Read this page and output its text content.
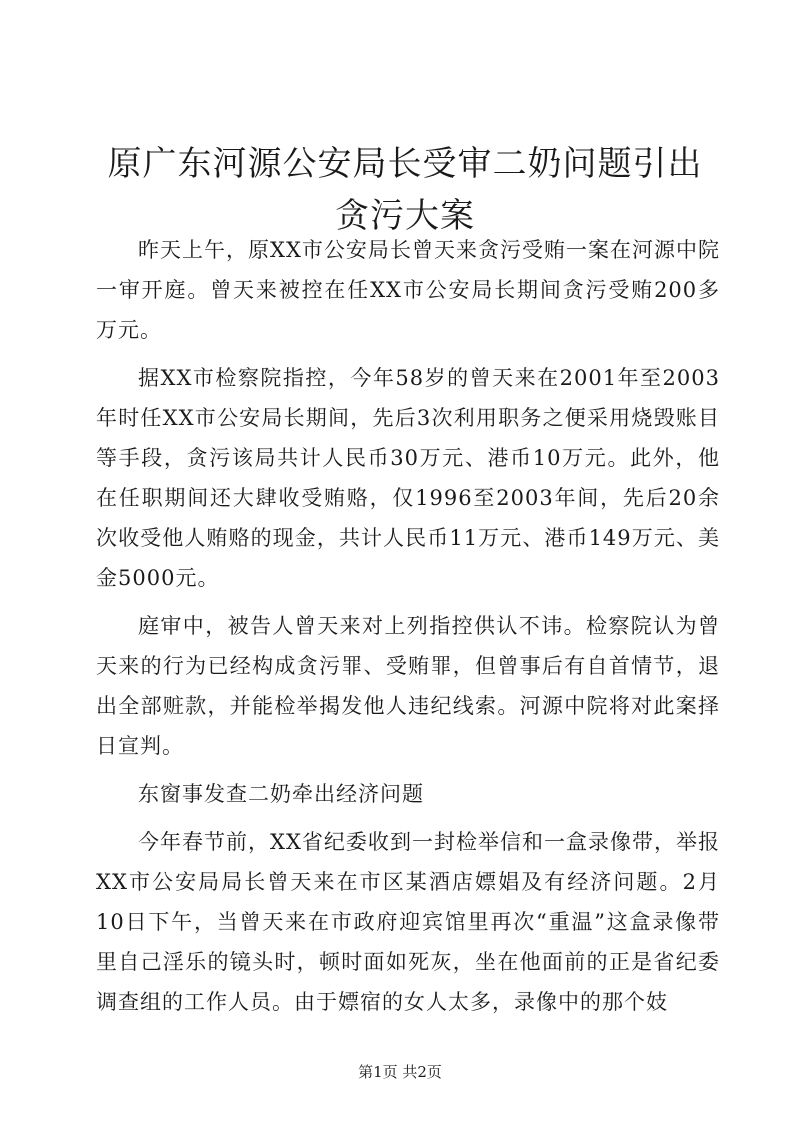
原广东河源公安局长受审二奶问题引出贪污大案

昨天上午，原XX市公安局长曾天来贪污受贿一案在河源中院一审开庭。曾天来被控在任XX市公安局长期间贪污受贿200多万元。

据XX市检察院指控，今年58岁的曾天来在2001年至2003年时任XX市公安局长期间，先后3次利用职务之便采用烧毁账目等手段，贪污该局共计人民币30万元、港币10万元。此外，他在任职期间还大肆收受贿赂，仅1996至2003年间，先后20余次收受他人贿赂的现金，共计人民币11万元、港币149万元、美金5000元。

庭审中，被告人曾天来对上列指控供认不讳。检察院认为曾天来的行为已经构成贪污罪、受贿罪，但曾事后有自首情节，退出全部赃款，并能检举揭发他人违纪线索。河源中院将对此案择日宣判。

东窗事发查二奶牵出经济问题

今年春节前，XX省纪委收到一封检举信和一盒录像带，举报XX市公安局局长曾天来在市区某酒店嫖娼及有经济问题。2月10日下午，当曾天来在市政府迎宾馆里再次“重温”这盒录像带里自己淫乐的镜头时，顿时面如死灰，坐在他面前的正是省纪委调查组的工作人员。由于嫖宿的女人太多，录像中的那个妓

第1页 共2页
